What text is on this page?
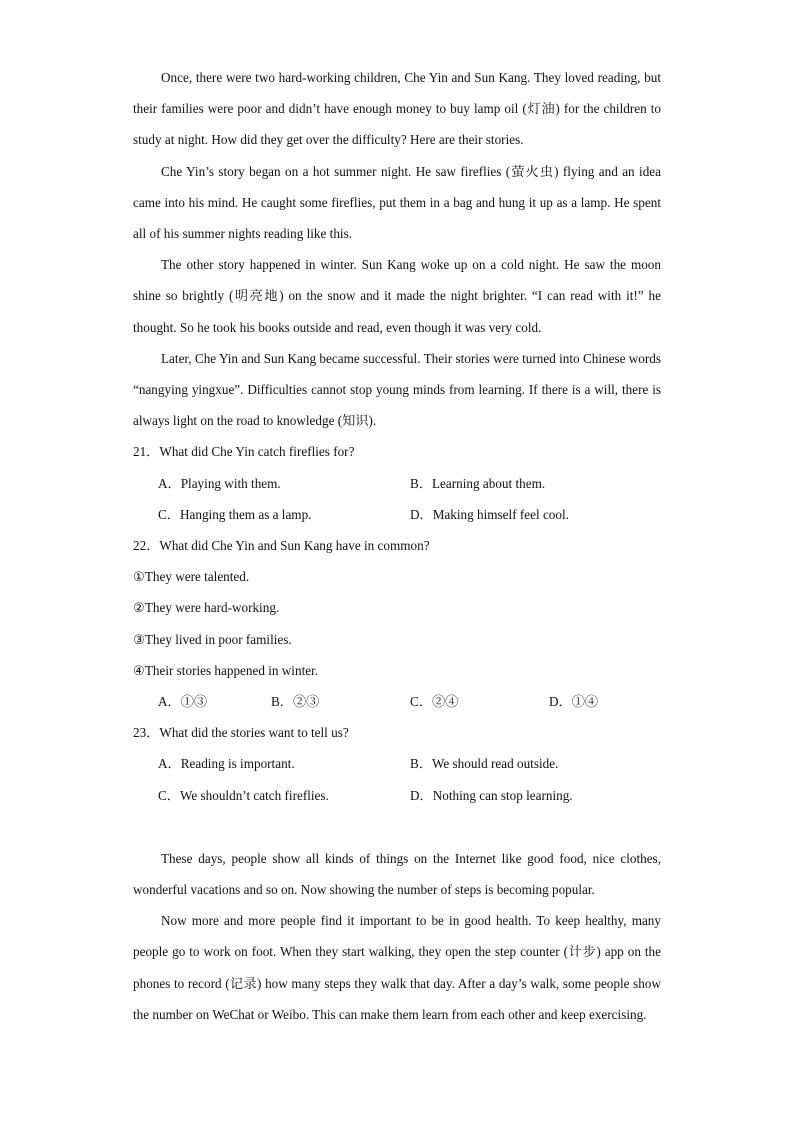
Once, there were two hard-working children, Che Yin and Sun Kang. They loved reading, but their families were poor and didn’t have enough money to buy lamp oil (灯油) for the children to study at night. How did they get over the difficulty? Here are their stories.

Che Yin’s story began on a hot summer night. He saw fireflies (萤火虫) flying and an idea came into his mind. He caught some fireflies, put them in a bag and hung it up as a lamp. He spent all of his summer nights reading like this.

The other story happened in winter. Sun Kang woke up on a cold night. He saw the moon shine so brightly (明亮地) on the snow and it made the night brighter. “I can read with it!” he thought. So he took his books outside and read, even though it was very cold.

Later, Che Yin and Sun Kang became successful. Their stories were turned into Chinese words “nangying yingxue”. Difficulties cannot stop young minds from learning. If there is a will, there is always light on the road to knowledge (知识).

21．What did Che Yin catch fireflies for?

A．Playing with them.	B．Learning about them.
C．Hanging them as a lamp.	D．Making himself feel cool.

22．What did Che Yin and Sun Kang have in common?

①They were talented.

②They were hard-working.

③They lived in poor families.

④Their stories happened in winter.

A．①③	B．②③	C．②④	D．①④

23．What did the stories want to tell us?

A．Reading is important.	B．We should read outside.
C．We shouldn’t catch fireflies.	D．Nothing can stop learning.

These days, people show all kinds of things on the Internet like good food, nice clothes, wonderful vacations and so on. Now showing the number of steps is becoming popular.

Now more and more people find it important to be in good health. To keep healthy, many people go to work on foot. When they start walking, they open the step counter (计步) app on the phones to record (记录) how many steps they walk that day. After a day’s walk, some people show the number on WeChat or Weibo. This can make them learn from each other and keep exercising.
